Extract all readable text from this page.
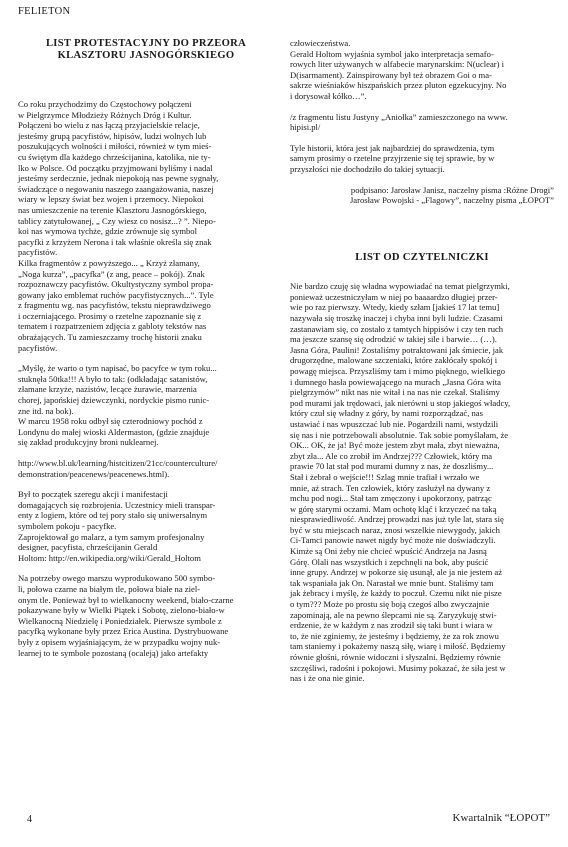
FELIETON
LIST PROTESTACYJNY DO PRZEORA KLASZTORU JASNOGÓRSKIEGO

Co roku przychodzimy do Częstochowy połączeni
w Pielgrzymce Młodzieży Różnych Dróg i Kultur.
Połączeni bo wielu z nas łączą przyjacielskie relacje,
jesteśmy grupą pacyfistów, hipisów, ludzi wolnych lub
poszukujących wolności i miłości, również w tym mieś-
cu świętym dla każdego chrześcijanina, katolika, nie ty-
lko w Polsce. Od początku przyjmowani byliśmy i nadal
jesteśmy serdecznie, jednak niepokoją nas pewne sygnały,
świadczące o negowaniu naszego zaangażowania, naszej
wiary w lepszy świat bez wojen i przemocy. Niepokoi
nas umieszczenie na terenie Klasztoru Jasnogórskiego,
tablicy zatytułowanej, „ Czy wiesz co nosisz...? ”. Niepo-
koi nas wymowa tychże, gdzie zrównuje się symbol
pacyfki z krzyżem Nerona i tak właśnie określa się znak
pacyfistów.
Kilka fragmentów z powyższego... „ Krzyż złamany,
„Noga kurza”, „pacyfka” (z ang, peace – pokój). Znak
rozpoznawczy pacyfistów. Okultystyczny symbol propa-
gowany jako emblemat ruchów pacyfistycznych...”. Tyle
z fragmentu wg. nas pacyfistów, tekstu nieprawdziwego
i oczerniającego. Prosimy o rzetelne zapoznanie się z
tematem i rozpatrzeniem zdjęcia z gabloty tekstów nas
obrażających. Tu zamieszczamy trochę historii znaku
pacyfistów.

„Myślę, że warto o tym napisać, bo pacyfce w tym roku...
stuknęła 50tka!!! A było to tak: (odkładając satanistów,
złamane krzyże, nazistów, lecące żurawie, marzenia
chorej, japońskiej dziewczynki, nordyckie pismo runic-
zne itd. na bok).
W marcu 1958 roku odbył się czterodniowy pochód z
Londynu do małej wioski Aldermaston, (gdzie znajduje
się zakład produkcyjny broni nuklearnej.

http://www.bl.uk/learning/histcitizen/21cc/counterculture/
demonstration/peacenews/peacenews.html).

Był to początek szeregu akcji i manifestacji
domagających się rozbrojenia. Uczestnicy mieli transpar-
enty z logiem, które od tej pory stało się uniwersalnym
symbolem pokoju - pacyfke.
Zaprojektował go malarz, a tym samym profesjonalny
designer, pacyfista, chrześcijanin Gerald
Holtom: http://en.wikipedia.org/wiki/Gerald_Holtom

Na potrzeby owego marszu wyprodukowano 500 symbo-
li, połowa czarne na białym tle, połowa białe na ziel-
onym tle. Ponieważ był to wielkanocny weekend, biało-czarne
pokazywane były w Wielki Piątek i Sobotę, zielono-biało-w
Wielkanocną Niedzielę i Poniedziałek. Pierwsze symbole z
pacyfką wykonane były przez Erica Austina. Dystrybuowane
były z opisem wyjaśniającym, że w przypadku wojny nuk-
learnej to te symbole pozostaną (ocaleją) jako artefakty

człowieczeństwa.
Gerald Holtom wyjaśnia symbol jako interpretacja semafo-
rowych liter używanych w alfabecie marynarskim: N(uclear) i
D(isarmament). Zainspirowany był też obrazem Goi o ma-
sakrze wieśniaków hiszpańskich przez pluton egzekucyjny. No
i dorysował kółko…”.

/z fragmentu listu Justyny „Aniołka” zamieszczonego na www.
hipisi.pl/

Tyle historii, która jest jak najbardziej do sprawdzenia, tym
samym prosimy o rzetelne przyjrzenie się tej sprawie, by w
przyszłości nie dochodziło do takiej sytuacji.

podpisano: Jarosław Janisz, naczelny pisma :Różne Drogi”
Jarosław Powojski - „Flagowy”, naczelny pisma „ŁOPOT”

LIST OD CZYTELNICZKI

Nie bardzo czuję się władna wypowiadać na temat pielgrzymki,
ponieważ uczestniczyłam w niej po baaaardzo długiej przer-
wie po raz pierwszy. Wtedy, kiedy szłam [jakieś 17 lat temu]
nazywała się troszkę inaczej i chyba inni byli ludzie. Czasami
zastanawiam się, co zostało z tamtych hippisów i czy ten ruch
ma jeszcze szansę się odrodzić w takiej sile i barwie… (…).
Jasna Góra, Paulini! Zostaliśmy potraktowani jak śmiecie, jak
drugorzędne, malowane szczeniaki, które zakłócały spokój i
powagę miejsca. Przyszliśmy tam i mimo pięknego, wielkiego
i dumnego hasła powiewającego na murach „Jasna Góra wita
pielgrzymów” nikt nas nie witał i na nas nie czekał. Staliśmy
pod murami jak trędowaci, jak nierówni u stop jakiegoś władcy,
który czuł się władny z góry, by nami rozporządzać, nas
ustawiać i nas wpuszczać lub nie. Pogardzili nami, wstydzili
się nas i nie potrzebowali absolutnie. Tak sobie pomyślałam, że
OK... OK, że ja! Być może jestem zbyt mała, zbyt nieważna,
zbyt zła... Ale co zrobił im Andrzej??? Człowiek, który ma
prawie 70 lat stał pod murami dumny z nas, że doszliśmy...
Stał i żebrał o wejście!!! Szlag mnie trafiał i wrzało we
mnie, aż strach. Ten człowiek, który zasłużył na dywany z
mchu pod nogi... Stał tam zmęczony i upokorzony, patrząc
w górę starymi oczami. Mam ochotę kląć i krzyczeć na taką
niesprawiedliwość. Andrzej prowadzi nas już tyle lat, stara się
być w stu miejscach naraz, znosi wszelkie niewygody, jakich
Ci-Tamci panowie nawet nigdy być może nie doświadczyli.
Kimże są Oni żeby nie chcieć wpuścić Andrzeja na Jasną
Górę. Olali nas wszystkich i zepchnęli na bok, aby puścić
inne grupy. Andrzej w pokorze się usunął, ale ja nie jestem aż
tak wspaniała jak On. Narastał we mnie bunt. Staliśmy tam
jak żebracy i myślę, że każdy to poczuł. Czemu nikt nie pisze
o tym??? Może po prostu się boją czegoś albo zwyczajnie
zapominają, ale na pewno ślepcami nie są. Zaryzykuję stwi-
erdzenie, że w każdym z nas zrodził się taki bunt i wiara w
to, że nie zginiemy, że jesteśmy i będziemy, że za rok znowu
tam staniemy i pokażemy naszą siłę, wiarę i miłość. Będziemy
równie głośni, równie widoczni i słyszalni. Będziemy równie
szczęśliwi, radośni i pokojowi. Musimy pokazać, że siła jest w
nas i że ona nie ginie.

4	Kwartalnik “ŁOPOT”
